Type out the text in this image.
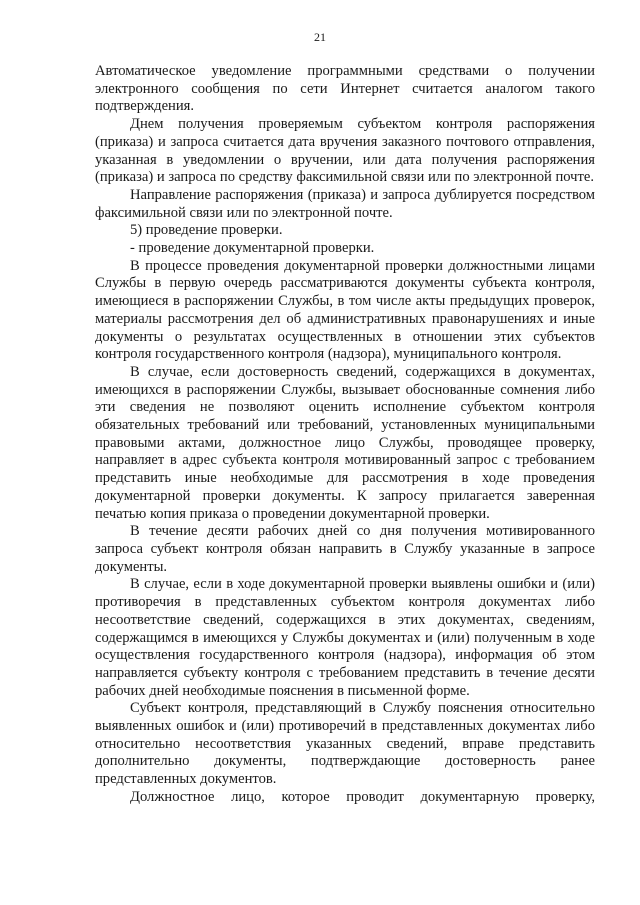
21

Автоматическое уведомление программными средствами о получении электронного сообщения по сети Интернет считается аналогом такого подтверждения.

Днем получения проверяемым субъектом контроля распоряжения (приказа) и запроса считается дата вручения заказного почтового отправления, указанная в уведомлении о вручении, или дата получения распоряжения (приказа) и запроса по средству факсимильной связи или по электронной почте.

Направление распоряжения (приказа) и запроса дублируется посредством факсимильной связи или по электронной почте.

5) проведение проверки.

- проведение документарной проверки.

В процессе проведения документарной проверки должностными лицами Службы в первую очередь рассматриваются документы субъекта контроля, имеющиеся в распоряжении Службы, в том числе акты предыдущих проверок, материалы рассмотрения дел об административных правонарушениях и иные документы о результатах осуществленных в отношении этих субъектов контроля государственного контроля (надзора), муниципального контроля.

В случае, если достоверность сведений, содержащихся в документах, имеющихся в распоряжении Службы, вызывает обоснованные сомнения либо эти сведения не позволяют оценить исполнение субъектом контроля обязательных требований или требований, установленных муниципальными правовыми актами, должностное лицо Службы, проводящее проверку, направляет в адрес субъекта контроля мотивированный запрос с требованием представить иные необходимые для рассмотрения в ходе проведения документарной проверки документы. К запросу прилагается заверенная печатью копия приказа о проведении документарной проверки.

В течение десяти рабочих дней со дня получения мотивированного запроса субъект контроля обязан направить в Службу указанные в запросе документы.

В случае, если в ходе документарной проверки выявлены ошибки и (или) противоречия в представленных субъектом контроля документах либо несоответствие сведений, содержащихся в этих документах, сведениям, содержащимся в имеющихся у Службы документах и (или) полученным в ходе осуществления государственного контроля (надзора), информация об этом направляется субъекту контроля с требованием представить в течение десяти рабочих дней необходимые пояснения в письменной форме.

Субъект контроля, представляющий в Службу пояснения относительно выявленных ошибок и (или) противоречий в представленных документах либо относительно несоответствия указанных сведений, вправе представить дополнительно документы, подтверждающие достоверность ранее представленных документов.

Должностное лицо, которое проводит документарную проверку,
